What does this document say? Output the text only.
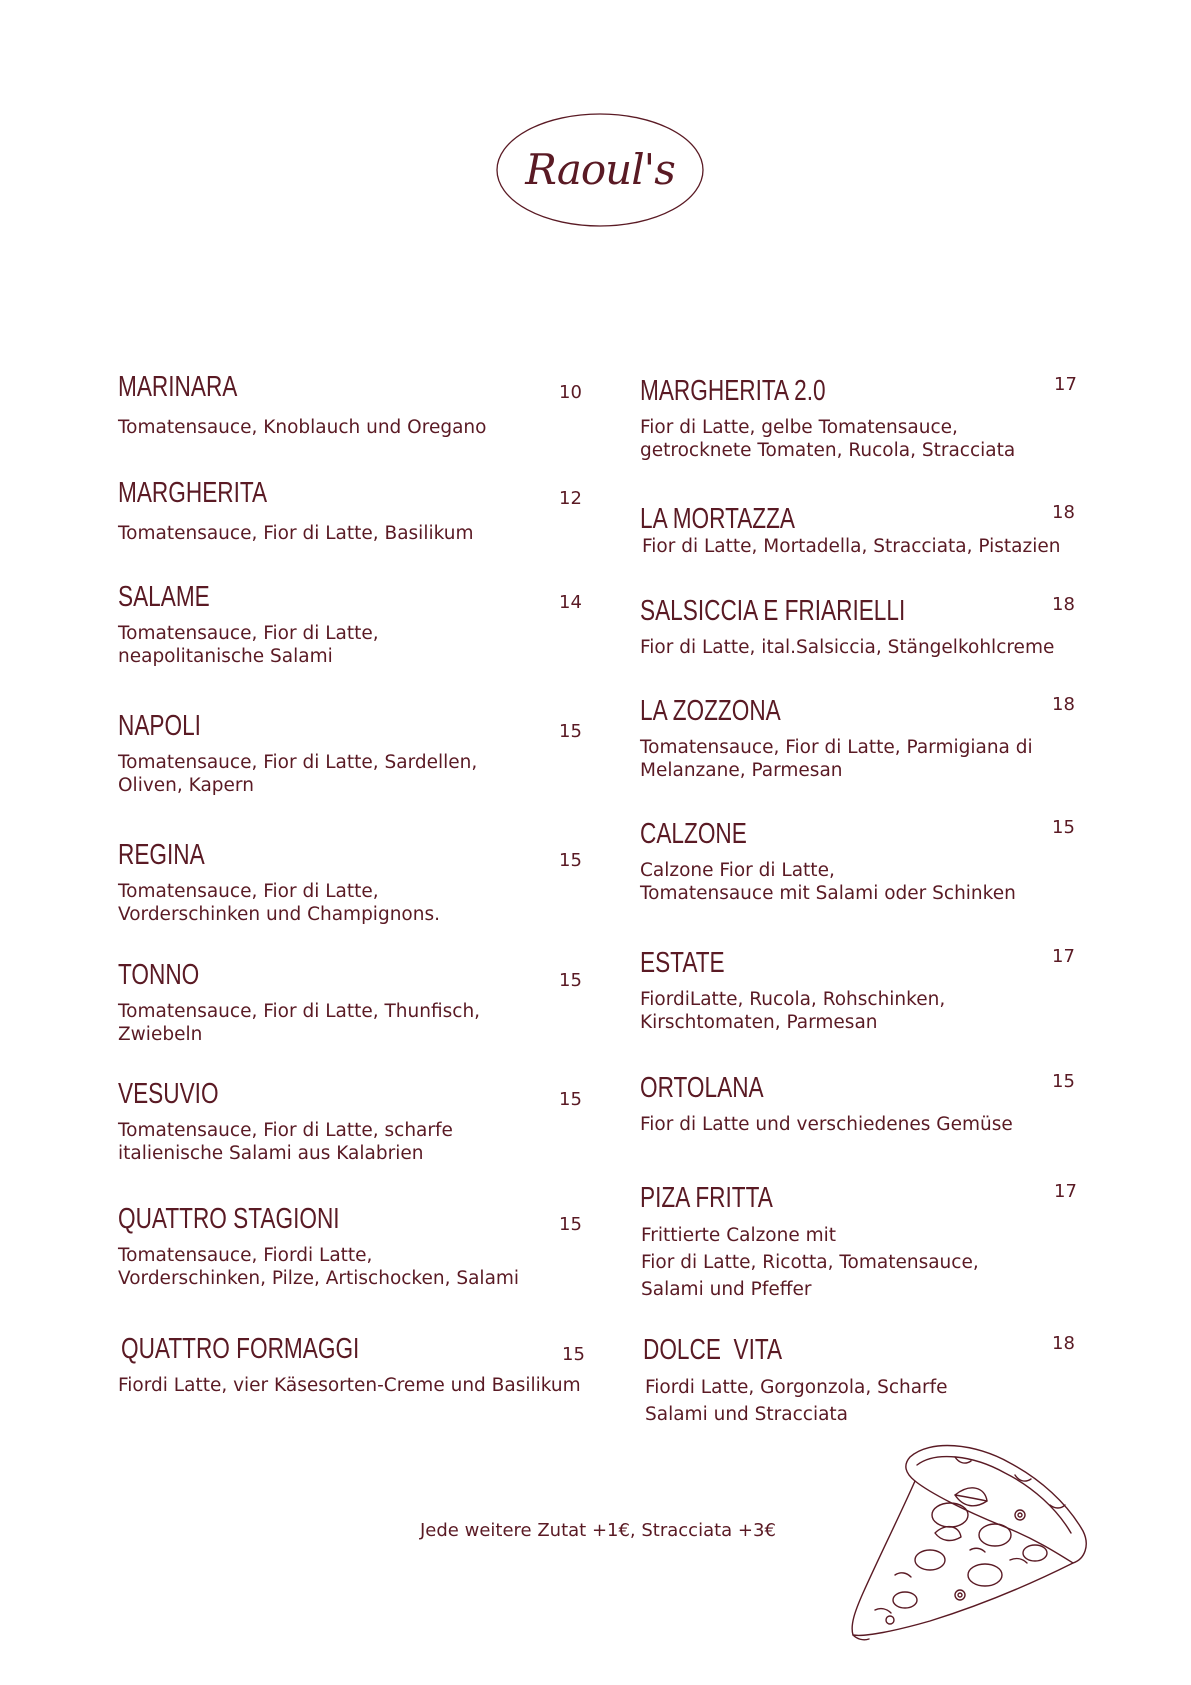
Raoul's
MARINARA	10
Tomatensauce, Knoblauch und Oregano
MARGHERITA	12
Tomatensauce, Fior di Latte, Basilikum
SALAME	14
Tomatensauce, Fior di Latte,
neapolitanische Salami
NAPOLI	15
Tomatensauce, Fior di Latte, Sardellen,
Oliven, Kapern
REGINA	15
Tomatensauce, Fior di Latte,
Vorderschinken und Champignons.
TONNO	15
Tomatensauce, Fior di Latte, Thunfisch,
Zwiebeln
VESUVIO	15
Tomatensauce, Fior di Latte, scharfe
italienische Salami aus Kalabrien
QUATTRO STAGIONI	15
Tomatensauce, Fiordi Latte,
Vorderschinken, Pilze, Artischocken, Salami
QUATTRO FORMAGGI	15
Fiordi Latte, vier Käsesorten-Creme und Basilikum
MARGHERITA 2.0	17
Fior di Latte, gelbe Tomatensauce,
getrocknete Tomaten, Rucola, Stracciata
LA MORTAZZA	18
Fior di Latte, Mortadella, Stracciata, Pistazien
SALSICCIA E FRIARIELLI	18
Fior di Latte, ital.Salsiccia, Stängelkohlcreme
LA ZOZZONA	18
Tomatensauce, Fior di Latte, Parmigiana di
Melanzane, Parmesan
CALZONE	15
Calzone Fior di Latte,
Tomatensauce mit Salami oder Schinken
ESTATE	17
FiordiLatte, Rucola, Rohschinken,
Kirschtomaten, Parmesan
ORTOLANA	15
Fior di Latte und verschiedenes Gemüse
PIZA FRITTA	17
Frittierte Calzone mit
Fior di Latte, Ricotta, Tomatensauce,
Salami und Pfeffer
DOLCE  VITA	18
Fiordi Latte, Gorgonzola, Scharfe
Salami und Stracciata
Jede weitere Zutat +1€, Stracciata +3€
